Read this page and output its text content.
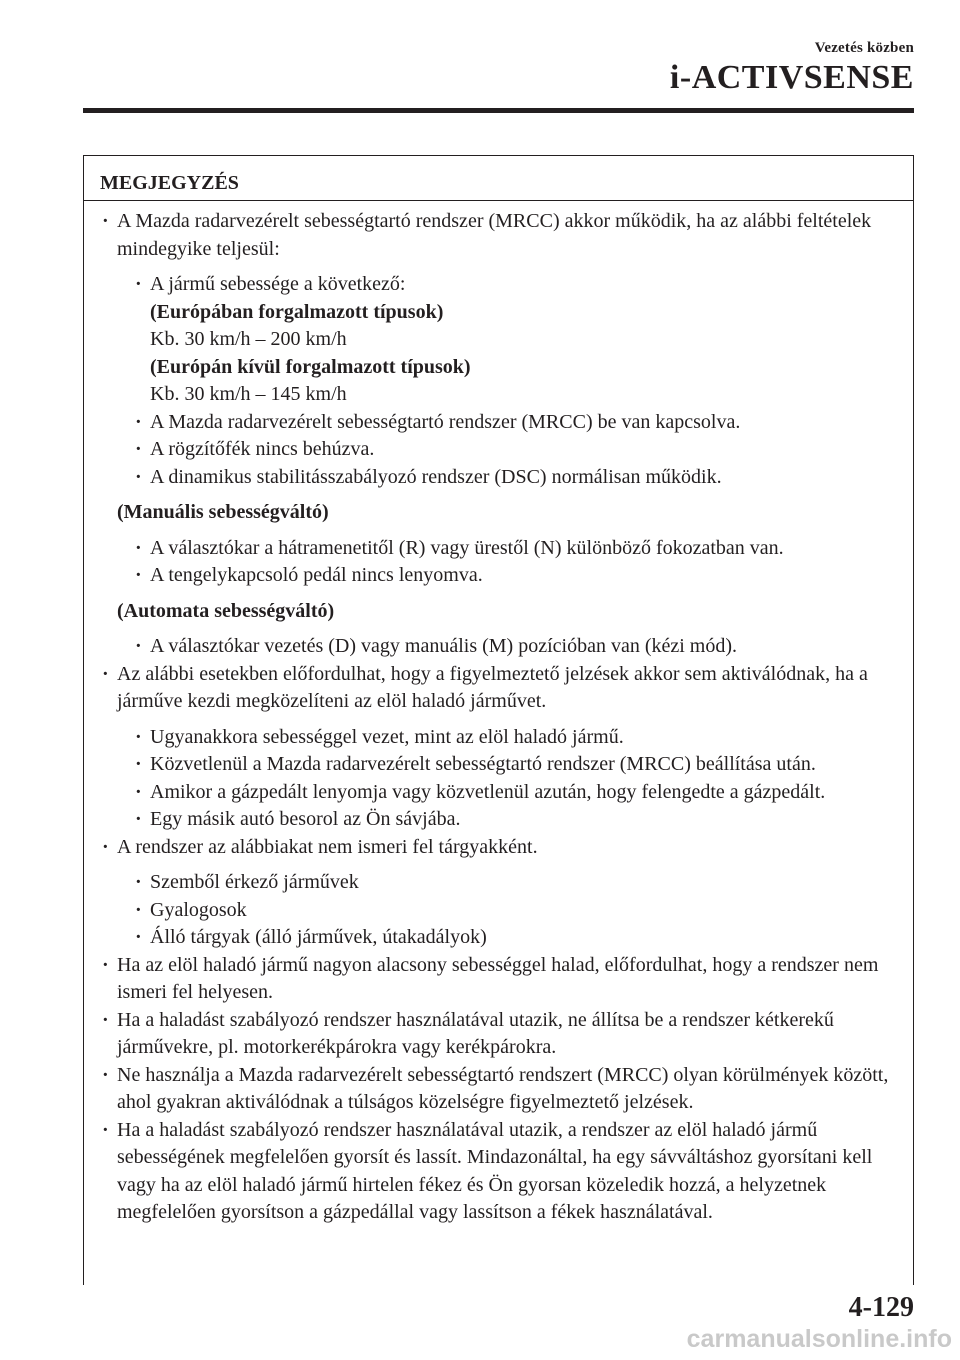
Vezetés közben
i-ACTIVSENSE
MEGJEGYZÉS
· A Mazda radarvezérelt sebességtartó rendszer (MRCC) akkor működik, ha az alábbi feltételek mindegyike teljesül:
· A jármű sebessége a következő:
(Európában forgalmazott típusok)
Kb. 30 km/h – 200 km/h
(Európán kívül forgalmazott típusok)
Kb. 30 km/h – 145 km/h
· A Mazda radarvezérelt sebességtartó rendszer (MRCC) be van kapcsolva.
· A rögzítőfék nincs behúzva.
· A dinamikus stabilitásszabályozó rendszer (DSC) normálisan működik.
(Manuális sebességváltó)
· A választókar a hátramenetitől (R) vagy ürestől (N) különböző fokozatban van.
· A tengelykapcsoló pedál nincs lenyomva.
(Automata sebességváltó)
· A választókar vezetés (D) vagy manuális (M) pozícióban van (kézi mód).
· Az alábbi esetekben előfordulhat, hogy a figyelmeztető jelzések akkor sem aktiválódnak, ha a járműve kezdi megközelíteni az elöl haladó járművet.
· Ugyanakkora sebességgel vezet, mint az elöl haladó jármű.
· Közvetlenül a Mazda radarvezérelt sebességtartó rendszer (MRCC) beállítása után.
· Amikor a gázpedált lenyomja vagy közvetlenül azután, hogy felengedte a gázpedált.
· Egy másik autó besorol az Ön sávjába.
· A rendszer az alábbiakat nem ismeri fel tárgyakként.
· Szemből érkező járművek
· Gyalogosok
· Álló tárgyak (álló járművek, útakadályok)
· Ha az elöl haladó jármű nagyon alacsony sebességgel halad, előfordulhat, hogy a rendszer nem ismeri fel helyesen.
· Ha a haladást szabályozó rendszer használatával utazik, ne állítsa be a rendszer kétkerekű járművekre, pl. motorkerékpárokra vagy kerékpárokra.
· Ne használja a Mazda radarvezérelt sebességtartó rendszert (MRCC) olyan körülmények között, ahol gyakran aktiválódnak a túlságos közelségre figyelmeztető jelzések.
· Ha a haladást szabályozó rendszer használatával utazik, a rendszer az elöl haladó jármű sebességének megfelelően gyorsít és lassít. Mindazonáltal, ha egy sávváltáshoz gyorsítani kell vagy ha az elöl haladó jármű hirtelen fékez és Ön gyorsan közeledik hozzá, a helyzetnek megfelelően gyorsítson a gázpedállal vagy lassítson a fékek használatával.
4-129
carmanualsonline.info
